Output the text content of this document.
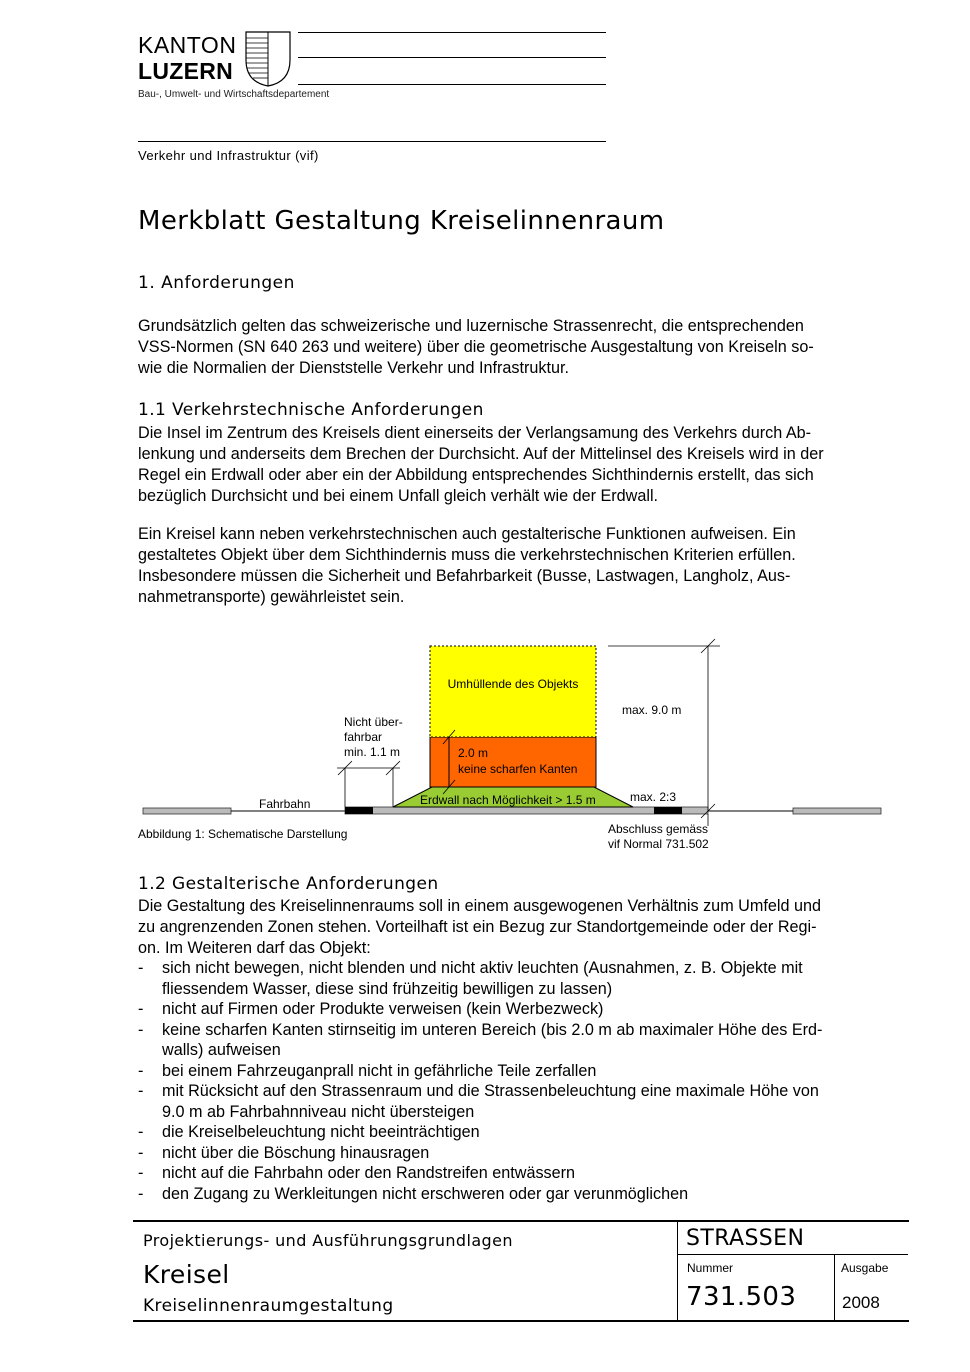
KANTON
LUZERN
Bau-, Umwelt- und Wirtschaftsdepartement
Verkehr und Infrastruktur (vif)
Merkblatt Gestaltung Kreiselinnenraum
1. Anforderungen
Grundsätzlich gelten das schweizerische und luzernische Strassenrecht, die entsprechenden
VSS-Normen (SN 640 263 und weitere) über die geometrische Ausgestaltung von Kreiseln so-
wie die Normalien der Dienststelle Verkehr und Infrastruktur.
1.1 Verkehrstechnische Anforderungen
Die Insel im Zentrum des Kreisels dient einerseits der Verlangsamung des Verkehrs durch Ab-
lenkung und anderseits dem Brechen der Durchsicht. Auf der Mittelinsel des Kreisels wird in der
Regel ein Erdwall oder aber ein der Abbildung entsprechendes Sichthindernis erstellt, das sich
bezüglich Durchsicht und bei einem Unfall gleich verhält wie der Erdwall.
Ein Kreisel kann neben verkehrstechnischen auch gestalterische Funktionen aufweisen. Ein
gestaltetes Objekt über dem Sichthindernis muss die verkehrstechnischen Kriterien erfüllen.
Insbesondere müssen die Sicherheit und Befahrbarkeit (Busse, Lastwagen, Langholz, Aus-
nahmetransporte) gewährleistet sein.
Umhüllende des Objekts
max. 9.0 m
Nicht über-
fahrbar
min. 1.1 m	2.0 m
keine scharfen Kanten
Fahrbahn	Erdwall nach Möglichkeit > 1.5 m	max. 2:3
Abschluss gemäss
vif Normal 731.502
Abbildung 1: Schematische Darstellung
1.2 Gestalterische Anforderungen
Die Gestaltung des Kreiselinnenraums soll in einem ausgewogenen Verhältnis zum Umfeld und
zu angrenzenden Zonen stehen. Vorteilhaft ist ein Bezug zur Standortgemeinde oder der Regi-
on. Im Weiteren darf das Objekt:
- sich nicht bewegen, nicht blenden und nicht aktiv leuchten (Ausnahmen, z. B. Objekte mit
fliessendem Wasser, diese sind frühzeitig bewilligen zu lassen)
- nicht auf Firmen oder Produkte verweisen (kein Werbezweck)
- keine scharfen Kanten stirnseitig im unteren Bereich (bis 2.0 m ab maximaler Höhe des Erd-
walls) aufweisen
- bei einem Fahrzeuganprall nicht in gefährliche Teile zerfallen
- mit Rücksicht auf den Strassenraum und die Strassenbeleuchtung eine maximale Höhe von
9.0 m ab Fahrbahnniveau nicht übersteigen
- die Kreiselbeleuchtung nicht beeinträchtigen
- nicht über die Böschung hinausragen
- nicht auf die Fahrbahn oder den Randstreifen entwässern
- den Zugang zu Werkleitungen nicht erschweren oder gar verunmöglichen
Projektierungs- und Ausführungsgrundlagen
Kreisel
Kreiselinnenraumgestaltung
STRASSEN
Nummer
731.503
Ausgabe
2008
